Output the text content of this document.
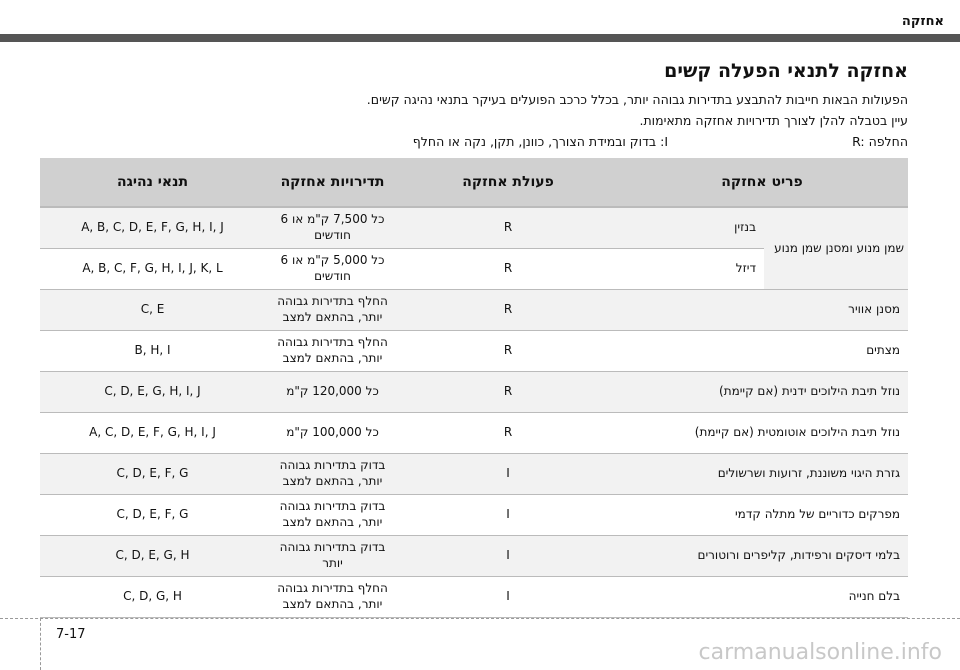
אחזקה
אחזקה לתנאי הפעלה קשים
הפעולות הבאות חייבות להתבצע בתדירות גבוהה יותר, בכלל כרכב הפועלים בעיקר בתנאי נהיגה קשים.
עיין בטבלה להלן לצורך תדירויות אחזקה מתאימות.
R: החלפה
I: בדוק ובמידת הצורך, כוונן, תקן, נקה או החלף
פריט אחזקה		פעולת אחזקה	תדירויות אחזקה	תנאי נהיגה
שמן מנוע ומסנן שמן מנוע	בנזין	R	כל 7,500 ק"מ או 6 חודשים	A, B, C, D, E, F, G, H, I, J
	דיזל	R	כל 5,000 ק"מ או 6 חודשים	A, B, C, F, G, H, I, J, K, L
מסנן אוויר		R	החלף בתדירות גבוהה יותר, בהתאם למצב	C, E
מצתים		R	החלף בתדירות גבוהה יותר, בהתאם למצב	B, H, I
נוזל תיבת הילוכים ידנית (אם קיימת)		R	כל 120,000 ק"מ	C, D, E, G, H, I, J
נוזל תיבת הילוכים אוטומטית (אם קיימת)		R	כל 100,000 ק"מ	A, C, D, E, F, G, H, I, J
גזרת היגוי משוננת, זרועות ושרשולים		I	בדוק בתדירות גבוהה יותר, בהתאם למצב	C, D, E, F, G
מפרקים כדוריים של מתלה קדמי		I	בדוק בתדירות גבוהה יותר, בהתאם למצב	C, D, E, F, G
בלמי דיסקים ורפידות, קליפרים ורוטורים		I	בדוק בתדירות גבוהה יותר	C, D, E, G, H
בלם חנייה		I	החלף בתדירות גבוהה יותר, בהתאם למצב	C, D, G, H
7-17
carmanualsonline.info
